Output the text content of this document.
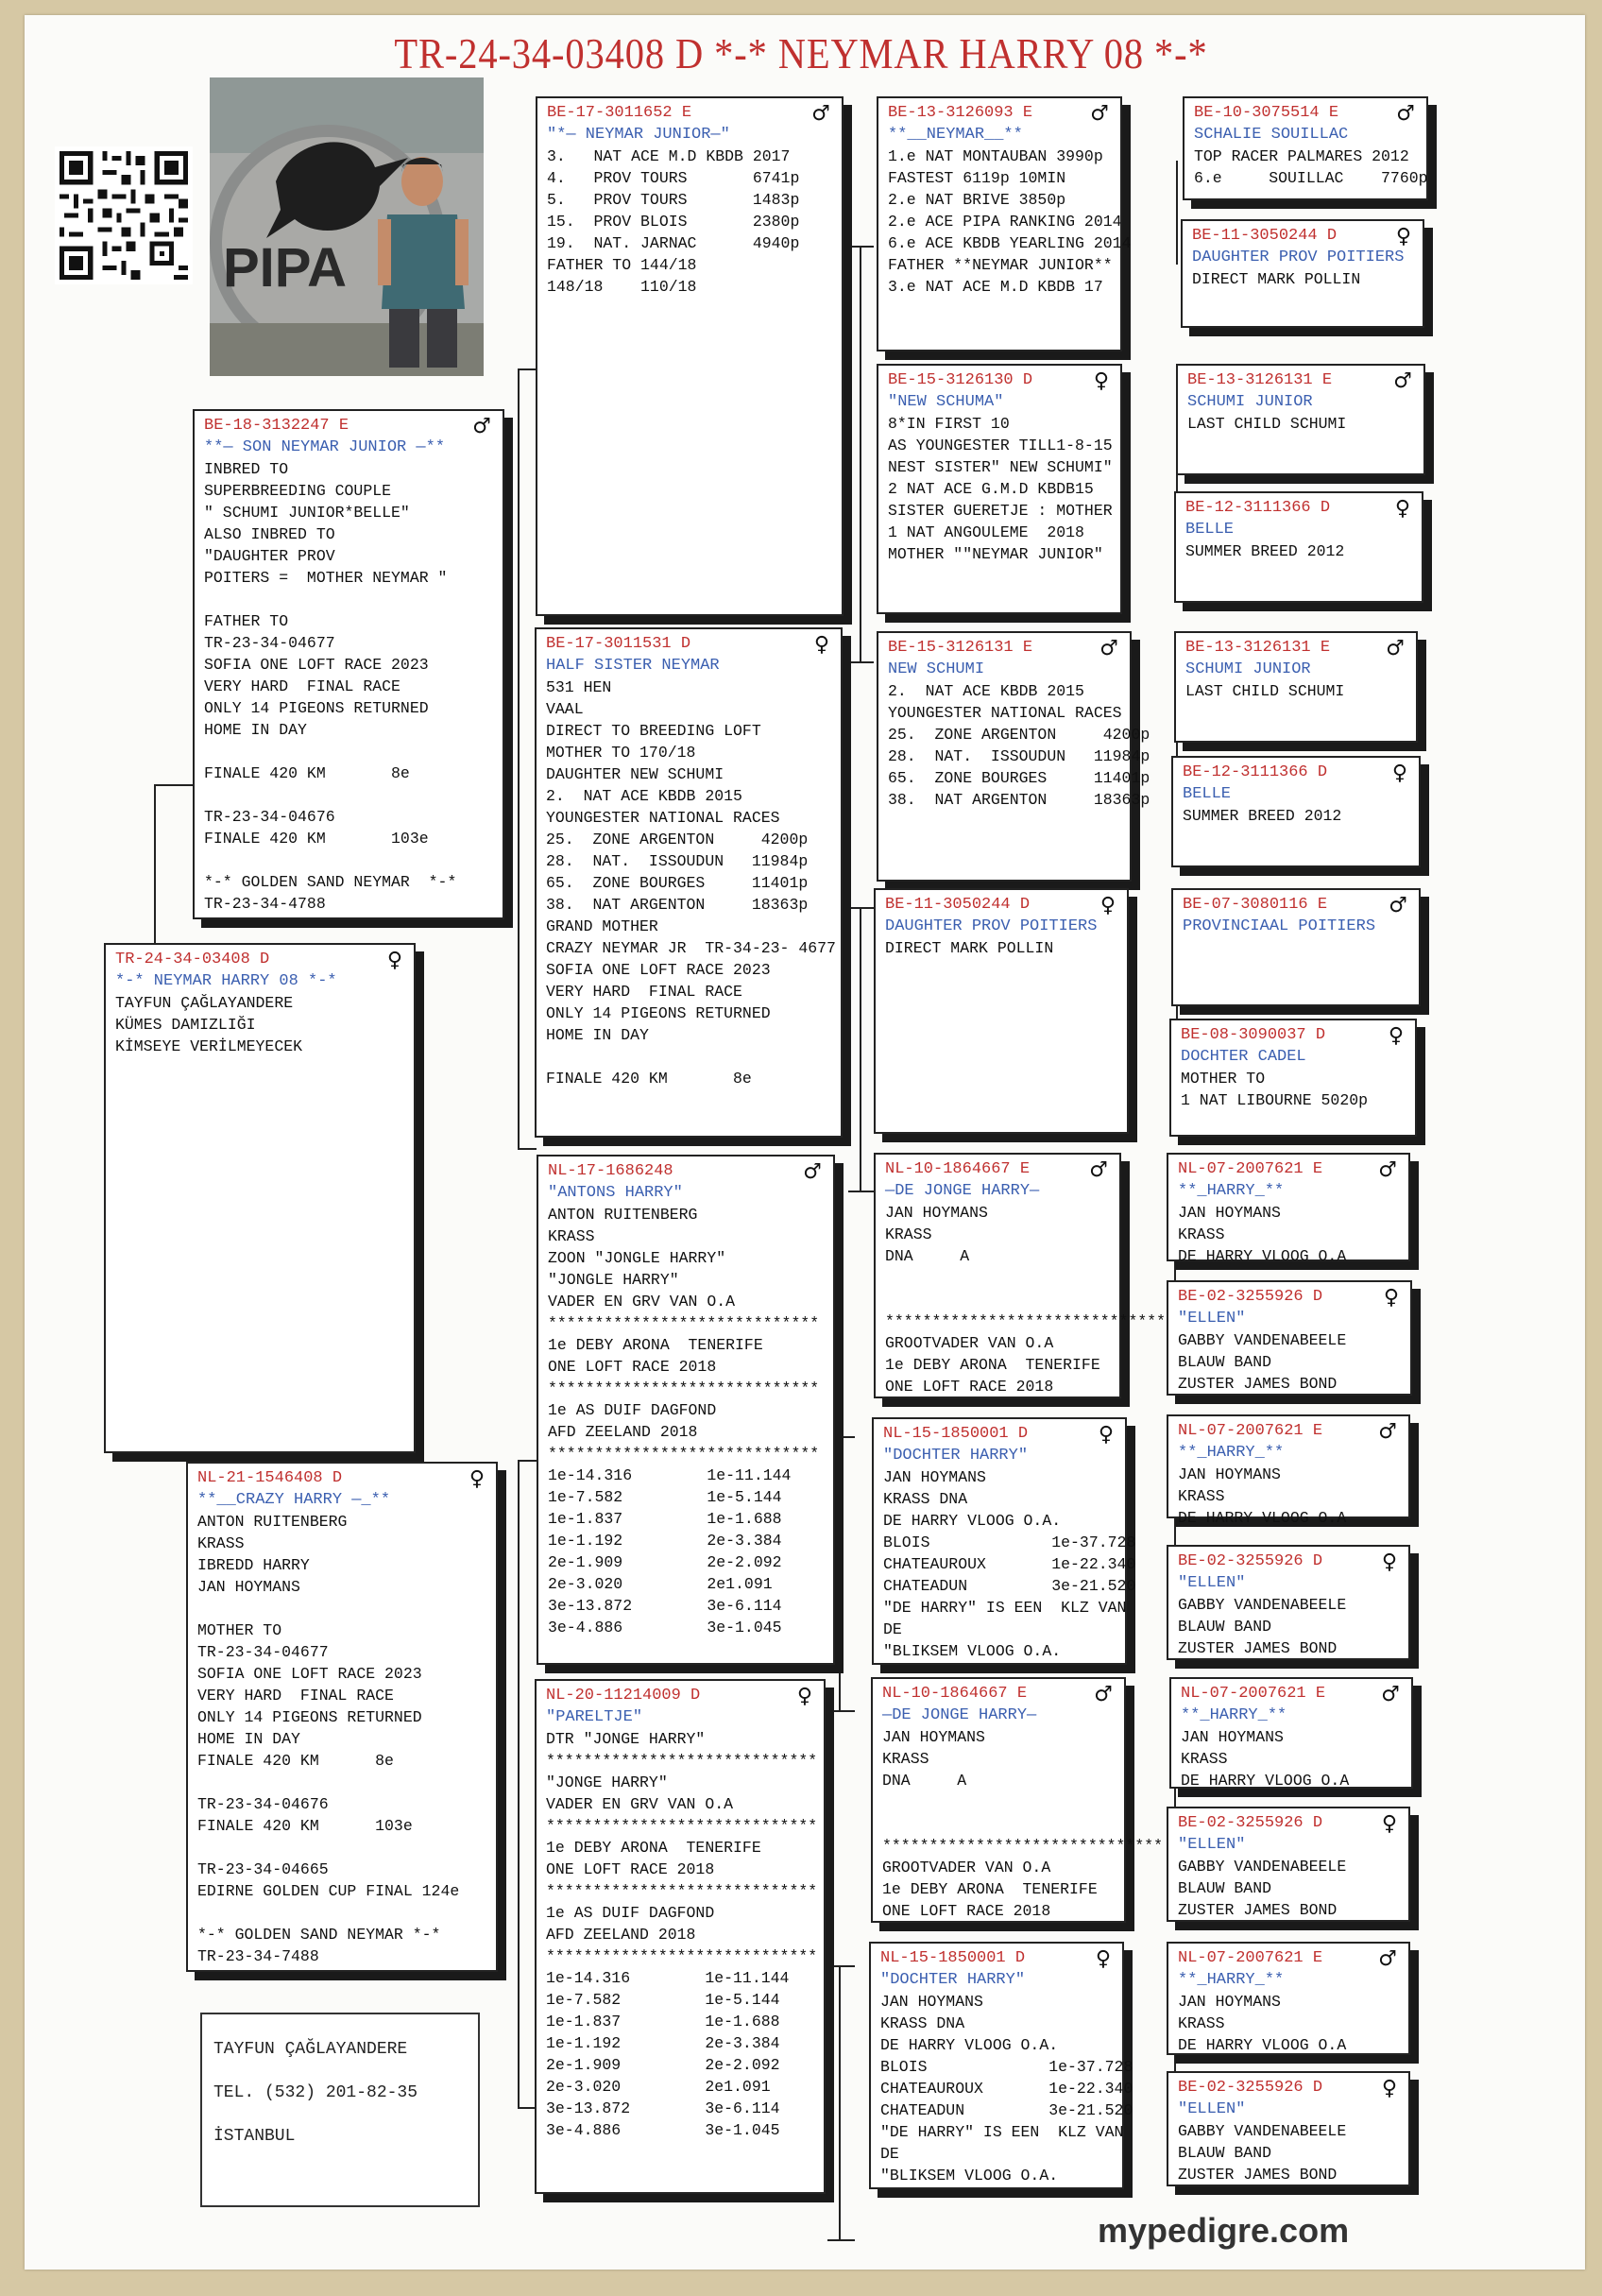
TR-24-34-03408 D *-* NEYMAR HARRY 08 *-*
PIPA
TAYFUN ÇAĞLAYANDERE
TEL. (532) 201-82-35
İSTANBUL
mypedigre.com
TR-24-34-03408 D	♀
*-* NEYMAR HARRY 08 *-*
TAYFUN ÇAĞLAYANDERE
KÜMES DAMIZLIĞI
KİMSEYE VERİLMEYECEK
BE-18-3132247 E	♂
**— SON NEYMAR JUNIOR —**
INBRED TO
SUPERBREEDING COUPLE
" SCHUMI JUNIOR*BELLE"
ALSO INBRED TO
"DAUGHTER PROV
POITERS =  MOTHER NEYMAR "

FATHER TO
TR-23-34-04677
SOFIA ONE LOFT RACE 2023
VERY HARD  FINAL RACE
ONLY 14 PIGEONS RETURNED
HOME IN DAY

FINALE 420 KM       8e

TR-23-34-04676
FINALE 420 KM       103e

*-* GOLDEN SAND NEYMAR  *-*
TR-23-34-4788
NL-21-1546408 D	♀
**__CRAZY HARRY —_**
ANTON RUITENBERG
KRASS
IBREDD HARRY
JAN HOYMANS

MOTHER TO
TR-23-34-04677
SOFIA ONE LOFT RACE 2023
VERY HARD  FINAL RACE
ONLY 14 PIGEONS RETURNED
HOME IN DAY
FINALE 420 KM      8e

TR-23-34-04676
FINALE 420 KM      103e

TR-23-34-04665
EDIRNE GOLDEN CUP FINAL 124e

*-* GOLDEN SAND NEYMAR *-*
TR-23-34-7488
BE-17-3011652 E	♂
"*— NEYMAR JUNIOR—"
3.   NAT ACE M.D KBDB 2017
4.   PROV TOURS       6741p
5.   PROV TOURS       1483p
15.  PROV BLOIS       2380p
19.  NAT. JARNAC      4940p
FATHER TO 144/18
148/18    110/18
BE-17-3011531 D	♀
HALF SISTER NEYMAR
531 HEN
VAAL
DIRECT TO BREEDING LOFT
MOTHER TO 170/18
DAUGHTER NEW SCHUMI
2.  NAT ACE KBDB 2015
YOUNGESTER NATIONAL RACES
25.  ZONE ARGENTON     4200p
28.  NAT.  ISSOUDUN   11984p
65.  ZONE BOURGES     11401p
38.  NAT ARGENTON     18363p
GRAND MOTHER
CRAZY NEYMAR JR  TR-34-23- 4677
SOFIA ONE LOFT RACE 2023
VERY HARD  FINAL RACE
ONLY 14 PIGEONS RETURNED
HOME IN DAY

FINALE 420 KM       8e
NL-17-1686248	♂
"ANTONS HARRY"
ANTON RUITENBERG
KRASS
ZOON "JONGLE HARRY"
"JONGLE HARRY"
VADER EN GRV VAN O.A
*****************************
1e DEBY ARONA  TENERIFE
ONE LOFT RACE 2018
*****************************
1e AS DUIF DAGFOND
AFD ZEELAND 2018
*****************************
1e-14.316        1e-11.144
1e-7.582         1e-5.144
1e-1.837         1e-1.688
1e-1.192         2e-3.384
2e-1.909         2e-2.092
2e-3.020         2e1.091
3e-13.872        3e-6.114
3e-4.886         3e-1.045
NL-20-11214009 D	♀
"PARELTJE"
DTR "JONGE HARRY"
*****************************
"JONGE HARRY"
VADER EN GRV VAN O.A
*****************************
1e DEBY ARONA  TENERIFE
ONE LOFT RACE 2018
*****************************
1e AS DUIF DAGFOND
AFD ZEELAND 2018
*****************************
1e-14.316        1e-11.144
1e-7.582         1e-5.144
1e-1.837         1e-1.688
1e-1.192         2e-3.384
2e-1.909         2e-2.092
2e-3.020         2e1.091
3e-13.872        3e-6.114
3e-4.886         3e-1.045
BE-13-3126093 E	♂
**__NEYMAR__**
1.e NAT MONTAUBAN 3990p
FASTEST 6119p 10MIN
2.e NAT BRIVE 3850p
2.e ACE PIPA RANKING 2014
6.e ACE KBDB YEARLING 2014
FATHER **NEYMAR JUNIOR**
3.e NAT ACE M.D KBDB 17
BE-15-3126130 D	♀
"NEW SCHUMA"
8*IN FIRST 10
AS YOUNGESTER TILL1-8-15
NEST SISTER" NEW SCHUMI"
2 NAT ACE G.M.D KBDB15
SISTER GUERETJE : MOTHER
1 NAT ANGOULEME  2018
MOTHER ""NEYMAR JUNIOR"
BE-15-3126131 E	♂
NEW SCHUMI
2.  NAT ACE KBDB 2015
YOUNGESTER NATIONAL RACES
25.  ZONE ARGENTON     4200p
28.  NAT.  ISSOUDUN   11984p
65.  ZONE BOURGES     11401p
38.  NAT ARGENTON     18363p
BE-11-3050244 D	♀
DAUGHTER PROV POITIERS
DIRECT MARK POLLIN
NL-10-1864667 E	♂
—DE JONGE HARRY—
JAN HOYMANS
KRASS
DNA     A

******************************
GROOTVADER VAN O.A
1e DEBY ARONA  TENERIFE
ONE LOFT RACE 2018
NL-15-1850001 D	♀
"DOCHTER HARRY"
JAN HOYMANS
KRASS DNA
DE HARRY VLOOG O.A.
BLOIS             1e-37.728
CHATEAUROUX       1e-22.340
CHATEADUN         3e-21.520
"DE HARRY" IS EEN  KLZ VAN
DE
"BLIKSEM VLOOG O.A.
NL-10-1864667 E	♂
—DE JONGE HARRY—
JAN HOYMANS
KRASS
DNA     A

******************************
GROOTVADER VAN O.A
1e DEBY ARONA  TENERIFE
ONE LOFT RACE 2018
NL-15-1850001 D	♀
"DOCHTER HARRY"
JAN HOYMANS
KRASS DNA
DE HARRY VLOOG O.A.
BLOIS             1e-37.728
CHATEAUROUX       1e-22.340
CHATEADUN         3e-21.520
"DE HARRY" IS EEN  KLZ VAN
DE
"BLIKSEM VLOOG O.A.
BE-10-3075514 E	♂
SCHALIE SOUILLAC
TOP RACER PALMARES 2012
6.e     SOUILLAC    7760p
BE-11-3050244 D	♀
DAUGHTER PROV POITIERS
DIRECT MARK POLLIN
BE-13-3126131 E	♂
SCHUMI JUNIOR
LAST CHILD SCHUMI
BE-12-3111366 D	♀
BELLE
SUMMER BREED 2012
BE-13-3126131 E	♂
SCHUMI JUNIOR
LAST CHILD SCHUMI
BE-12-3111366 D	♀
BELLE
SUMMER BREED 2012
BE-07-3080116 E	♂
PROVINCIAAL POITIERS
BE-08-3090037 D	♀
DOCHTER CADEL
MOTHER TO
1 NAT LIBOURNE 5020p
NL-07-2007621 E	♂
**_HARRY_**
JAN HOYMANS
KRASS
DE HARRY VLOOG O.A
BE-02-3255926 D	♀
"ELLEN"
GABBY VANDENABEELE
BLAUW BAND
ZUSTER JAMES BOND
NL-07-2007621 E	♂
**_HARRY_**
JAN HOYMANS
KRASS
DE HARRY VLOOG O.A
BE-02-3255926 D	♀
"ELLEN"
GABBY VANDENABEELE
BLAUW BAND
ZUSTER JAMES BOND
NL-07-2007621 E	♂
**_HARRY_**
JAN HOYMANS
KRASS
DE HARRY VLOOG O.A
BE-02-3255926 D	♀
"ELLEN"
GABBY VANDENABEELE
BLAUW BAND
ZUSTER JAMES BOND
NL-07-2007621 E	♂
**_HARRY_**
JAN HOYMANS
KRASS
DE HARRY VLOOG O.A
BE-02-3255926 D	♀
"ELLEN"
GABBY VANDENABEELE
BLAUW BAND
ZUSTER JAMES BOND
